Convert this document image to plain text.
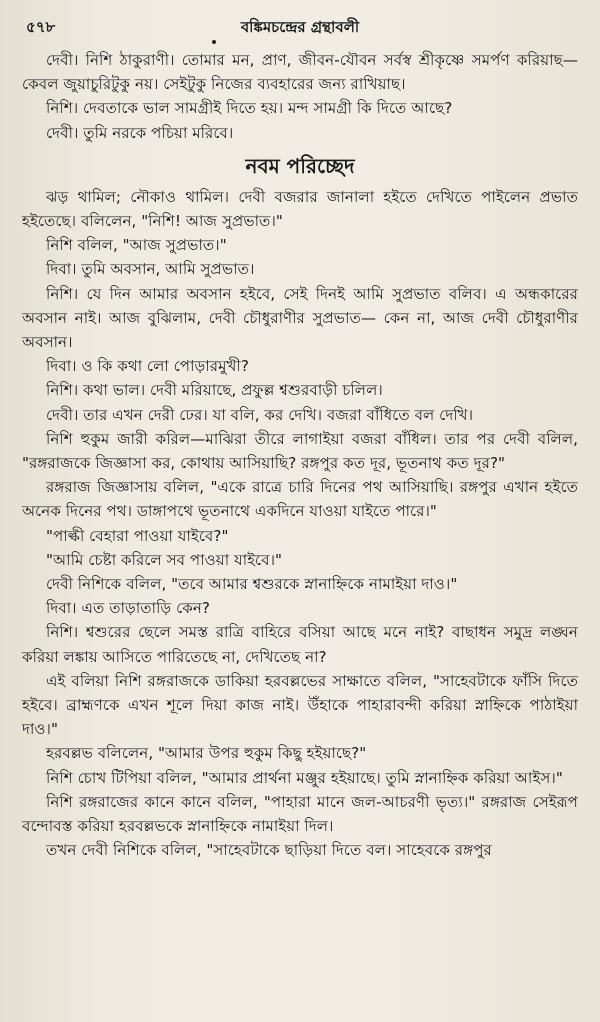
৫৭৮	বঙ্কিমচন্দ্রের গ্রন্থাবলী

দেবী। নিশি ঠাকুরাণী। তোমার মন, প্রাণ, জীবন-যৌবন সর্বস্ব শ্রীকৃষ্ণে সমর্পণ করিয়াছ—কেবল জুয়াচুরিটুকু নয়। সেইটুকু নিজের ব্যবহারের জন্য রাখিয়াছ।

নিশি। দেবতাকে ভাল সামগ্রীই দিতে হয়। মন্দ সামগ্রী কি দিতে আছে?

দেবী। তুমি নরকে পচিয়া মরিবে।

নবম পরিচ্ছেদ

ঝড় থামিল; নৌকাও থামিল। দেবী বজরার জানালা হইতে দেখিতে পাইলেন প্রভাত হইতেছে। বলিলেন, "নিশি! আজ সুপ্রভাত।"

নিশি বলিল, "আজ সুপ্রভাত।"

দিবা। তুমি অবসান, আমি সুপ্রভাত।

নিশি। যে দিন আমার অবসান হইবে, সেই দিনই আমি সুপ্রভাত বলিব। এ অন্ধকারের অবসান নাই। আজ বুঝিলাম, দেবী চৌধুরাণীর সুপ্রভাত— কেন না, আজ দেবী চৌধুরাণীর অবসান।

দিবা। ও কি কথা লো পোড়ারমুখী?

নিশি। কথা ভাল। দেবী মরিয়াছে, প্রফুল্ল শ্বশুরবাড়ী চলিল।

দেবী। তার এখন দেরী ঢের। যা বলি, কর দেখি। বজরা বাঁধিতে বল দেখি।

নিশি হুকুম জারী করিল—মাঝিরা তীরে লাগাইয়া বজরা বাঁধিল। তার পর দেবী বলিল, "রঙ্গরাজকে জিজ্ঞাসা কর, কোথায় আসিয়াছি? রঙ্গপুর কত দূর, ভূতনাথ কত দূর?"

রঙ্গরাজ জিজ্ঞাসায় বলিল, "একে রাত্রে চারি দিনের পথ আসিয়াছি। রঙ্গপুর এখান হইতে অনেক দিনের পথ। ডাঙ্গাপথে ভূতনাথে একদিনে যাওয়া যাইতে পারে।"

"পাল্কী বেহারা পাওয়া যাইবে?"

"আমি চেষ্টা করিলে সব পাওয়া যাইবে।"

দেবী নিশিকে বলিল, "তবে আমার শ্বশুরকে স্নানাহ্নিকে নামাইয়া দাও।"

দিবা। এত তাড়াতাড়ি কেন?

নিশি। শ্বশুরের ছেলে সমস্ত রাত্রি বাহিরে বসিয়া আছে মনে নাই? বাছাধন সমুদ্র লঙ্ঘন করিয়া লঙ্কায় আসিতে পারিতেছে না, দেখিতেছ না?

এই বলিয়া নিশি রঙ্গরাজকে ডাকিয়া হরবল্লভের সাক্ষাতে বলিল, "সাহেবটাকে ফাঁসি দিতে হইবে। ব্রাহ্মণকে এখন শূলে দিয়া কাজ নাই। উঁহাকে পাহারাবন্দী করিয়া স্নাহ্নিকে পাঠাইয়া দাও।"

হরবল্লভ বলিলেন, "আমার উপর হুকুম কিছু হইয়াছে?"

নিশি চোখ টিপিয়া বলিল, "আমার প্রার্থনা মঞ্জুর হইয়াছে। তুমি স্নানাহ্নিক করিয়া আইস।"

নিশি রঙ্গরাজের কানে কানে বলিল, "পাহারা মানে জল-আচরণী ভৃত্য।" রঙ্গরাজ সেইরূপ বন্দোবস্ত করিয়া হরবল্লভকে স্নানাহ্নিকে নামাইয়া দিল।

তখন দেবী নিশিকে বলিল, "সাহেবটাকে ছাড়িয়া দিতে বল। সাহেবকে রঙ্গপুর
